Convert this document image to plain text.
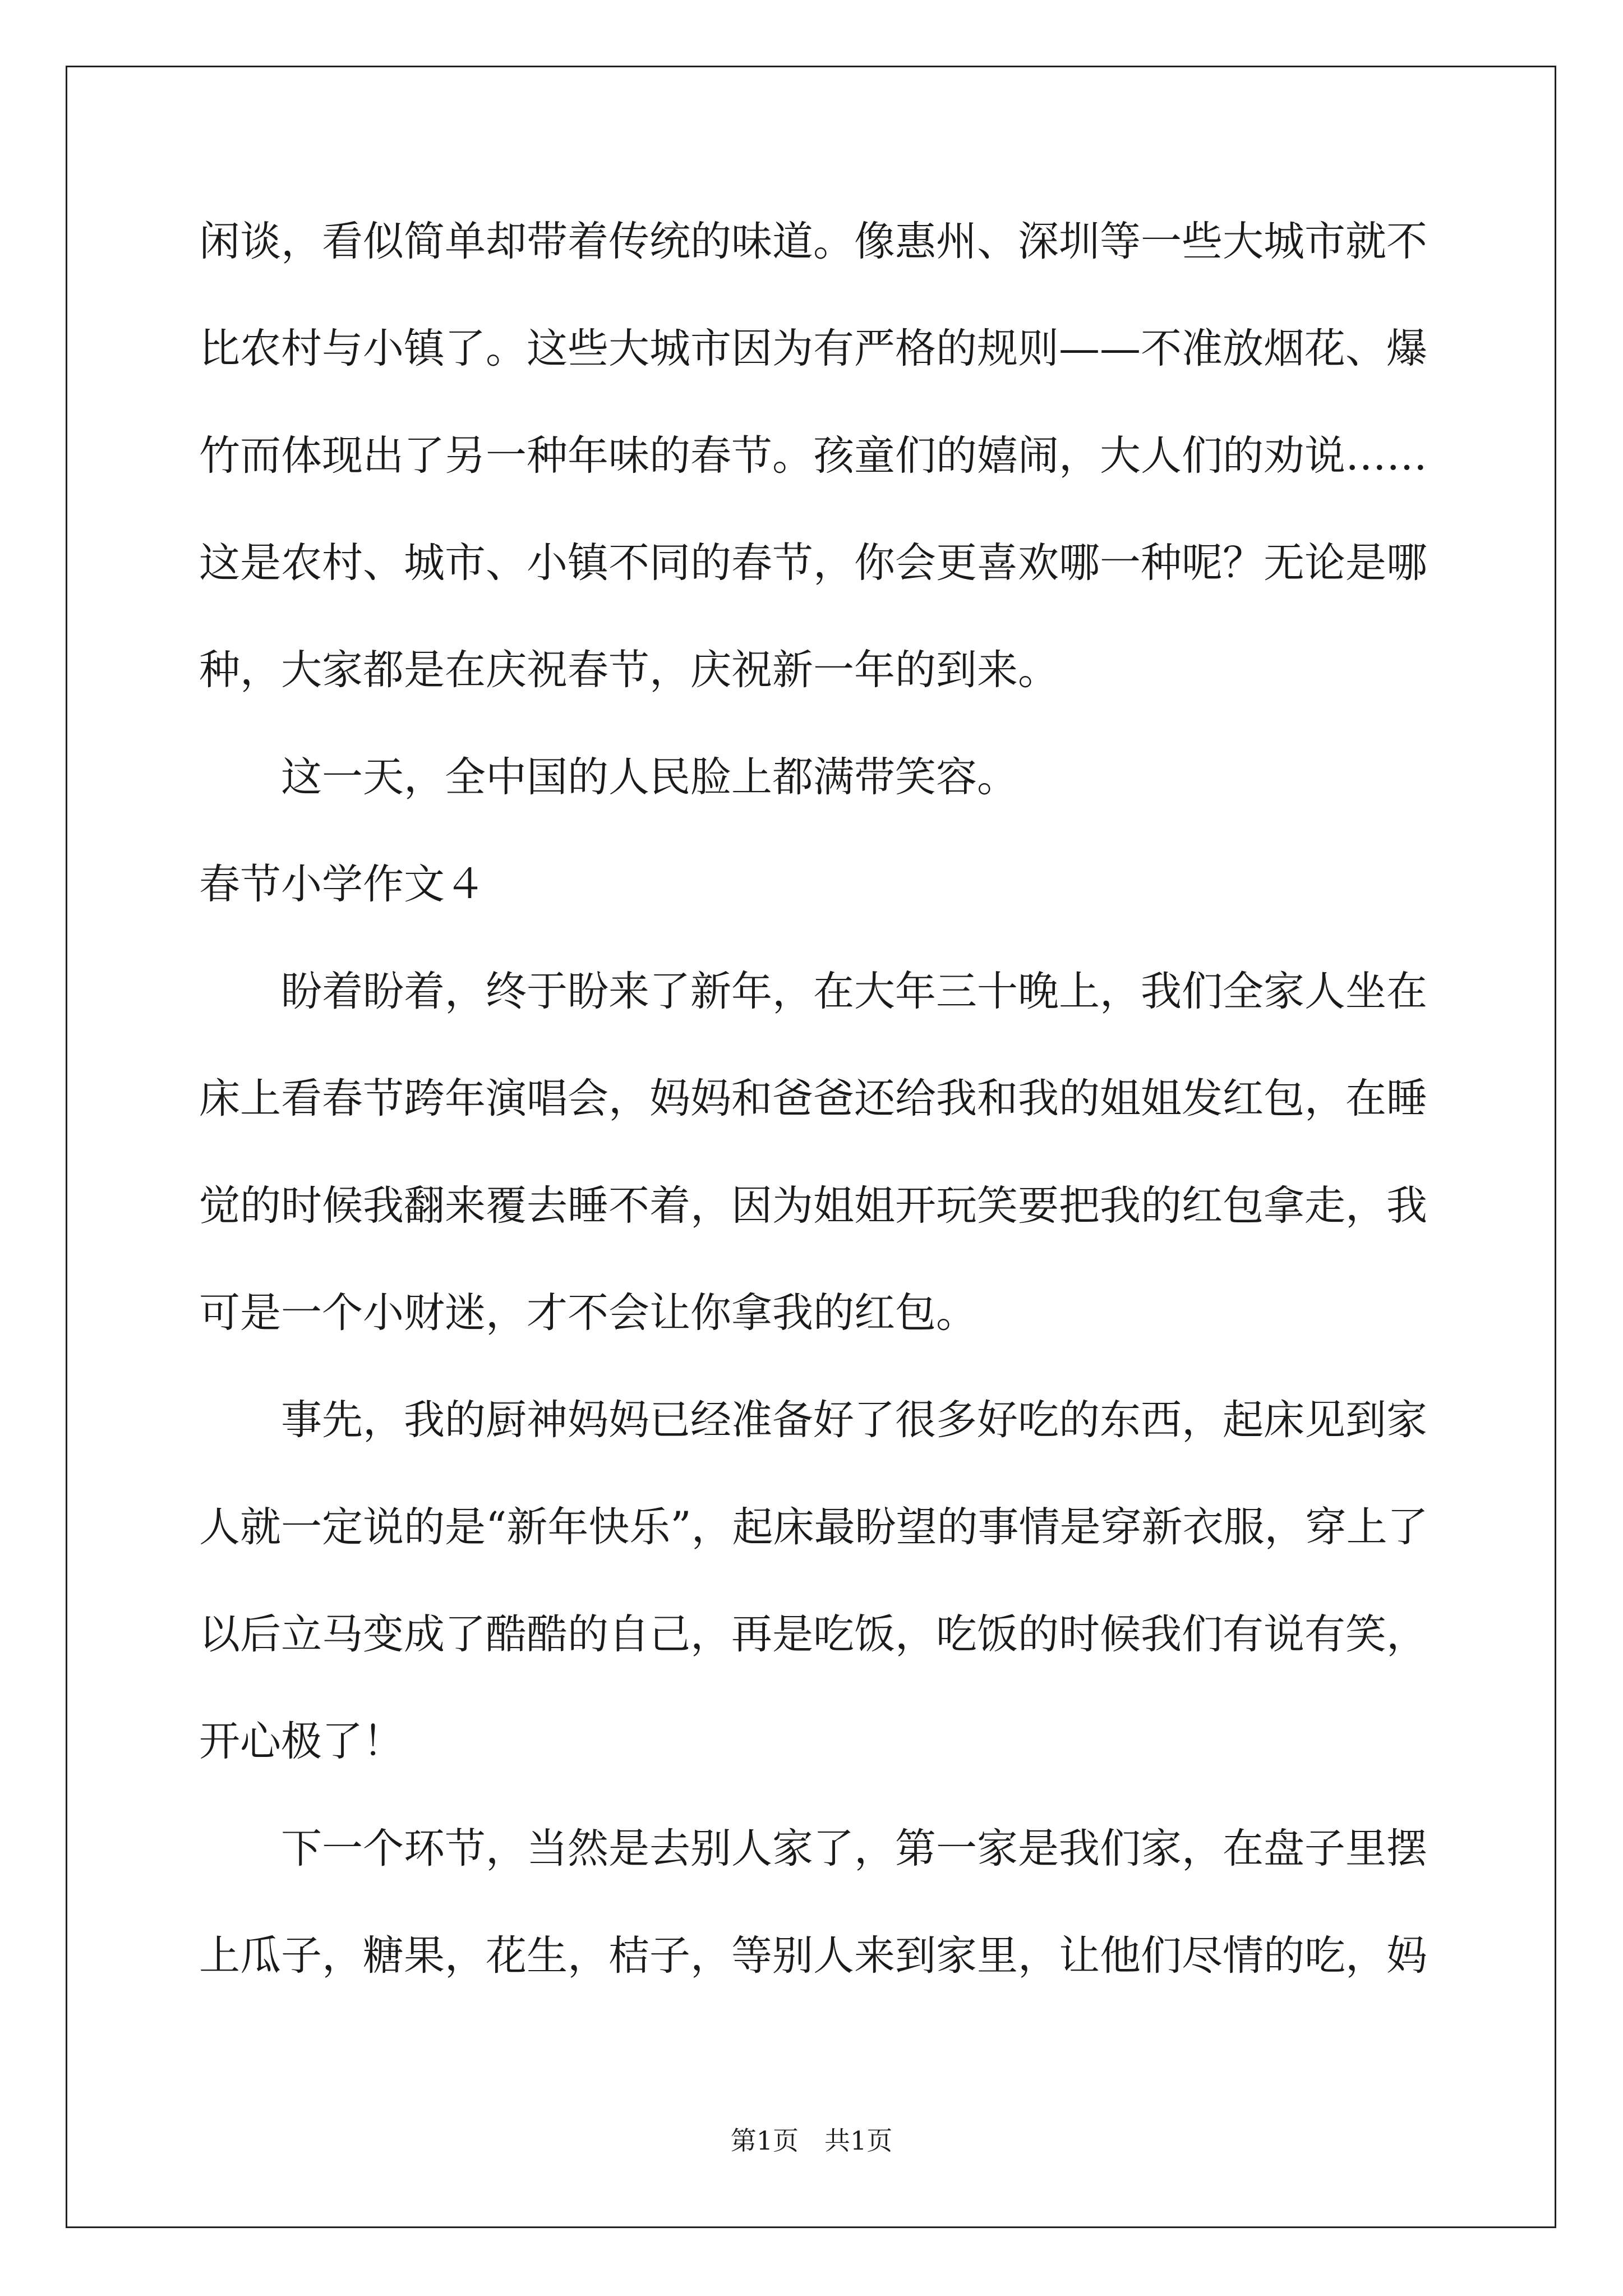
闲谈，看似简单却带着传统的味道。像惠州、深圳等一些大城市就不
比农村与小镇了。这些大城市因为有严格的规则——不准放烟花、爆
竹而体现出了另一种年味的春节。孩童们的嬉闹，大人们的劝说……
这是农村、城市、小镇不同的春节，你会更喜欢哪一种呢？无论是哪
种，大家都是在庆祝春节，庆祝新一年的到来。
这一天，全中国的人民脸上都满带笑容。
春节小学作文４
盼着盼着，终于盼来了新年，在大年三十晚上，我们全家人坐在
床上看春节跨年演唱会，妈妈和爸爸还给我和我的姐姐发红包，在睡
觉的时候我翻来覆去睡不着，因为姐姐开玩笑要把我的红包拿走，我
可是一个小财迷，才不会让你拿我的红包。
事先，我的厨神妈妈已经准备好了很多好吃的东西，起床见到家
人就一定说的是“新年快乐”，起床最盼望的事情是穿新衣服，穿上了
以后立马变成了酷酷的自己，再是吃饭，吃饭的时候我们有说有笑，
开心极了！
下一个环节，当然是去别人家了，第一家是我们家，在盘子里摆
上瓜子，糖果，花生，桔子，等别人来到家里，让他们尽情的吃，妈
第1页　共1页
